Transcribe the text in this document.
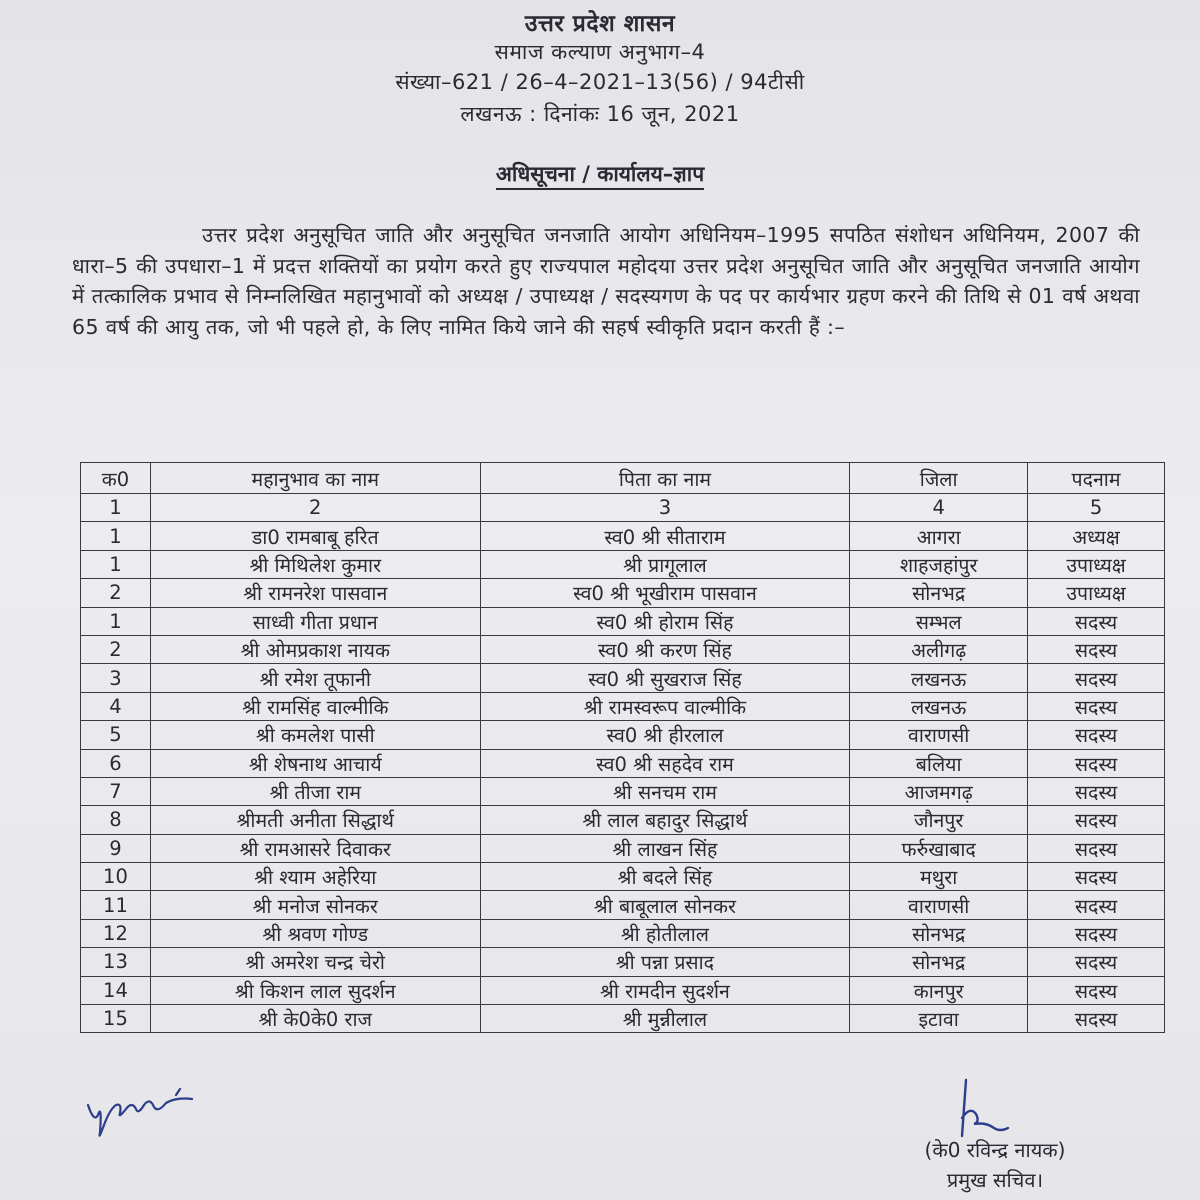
उत्तर प्रदेश शासन
समाज कल्याण अनुभाग–4
संख्या–621 / 26–4–2021–13(56) / 94टीसी
लखनऊ : दिनांकः 16 जून, 2021
अधिसूचना / कार्यालय–ज्ञाप
उत्तर प्रदेश अनुसूचित जाति और अनुसूचित जनजाति आयोग अधिनियम–1995 सपठित संशोधन अधिनियम, 2007 की धारा–5 की उपधारा–1 में प्रदत्त शक्तियों का प्रयोग करते हुए राज्यपाल महोदया उत्तर प्रदेश अनुसूचित जाति और अनुसूचित जनजाति आयोग में तत्कालिक प्रभाव से निम्नलिखित महानुभावों को अध्यक्ष / उपाध्यक्ष / सदस्यगण के पद पर कार्यभार ग्रहण करने की तिथि से 01 वर्ष अथवा 65 वर्ष की आयु तक, जो भी पहले हो, के लिए नामित किये जाने की सहर्ष स्वीकृति प्रदान करती हैं :–
क0	महानुभाव का नाम	पिता का नाम	जिला	पदनाम
1	2	3	4	5
1	डा0 रामबाबू हरित	स्व0 श्री सीताराम	आगरा	अध्यक्ष
1	श्री मिथिलेश कुमार	श्री प्रागूलाल	शाहजहांपुर	उपाध्यक्ष
2	श्री रामनरेश पासवान	स्व0 श्री भूखीराम पासवान	सोनभद्र	उपाध्यक्ष
1	साध्वी गीता प्रधान	स्व0 श्री होराम सिंह	सम्भल	सदस्य
2	श्री ओमप्रकाश नायक	स्व0 श्री करण सिंह	अलीगढ़	सदस्य
3	श्री रमेश तूफानी	स्व0 श्री सुखराज सिंह	लखनऊ	सदस्य
4	श्री रामसिंह वाल्मीकि	श्री रामस्वरूप वाल्मीकि	लखनऊ	सदस्य
5	श्री कमलेश पासी	स्व0 श्री हीरलाल	वाराणसी	सदस्य
6	श्री शेषनाथ आचार्य	स्व0 श्री सहदेव राम	बलिया	सदस्य
7	श्री तीजा राम	श्री सनचम राम	आजमगढ़	सदस्य
8	श्रीमती अनीता सिद्धार्थ	श्री लाल बहादुर सिद्धार्थ	जौनपुर	सदस्य
9	श्री रामआसरे दिवाकर	श्री लाखन सिंह	फर्रुखाबाद	सदस्य
10	श्री श्याम अहेरिया	श्री बदले सिंह	मथुरा	सदस्य
11	श्री मनोज सोनकर	श्री बाबूलाल सोनकर	वाराणसी	सदस्य
12	श्री श्रवण गोण्ड	श्री होतीलाल	सोनभद्र	सदस्य
13	श्री अमरेश चन्द्र चेरो	श्री पन्ना प्रसाद	सोनभद्र	सदस्य
14	श्री किशन लाल सुदर्शन	श्री रामदीन सुदर्शन	कानपुर	सदस्य
15	श्री के0के0 राज	श्री मुन्नीलाल	इटावा	सदस्य
(के0 रविन्द्र नायक)
प्रमुख सचिव।
